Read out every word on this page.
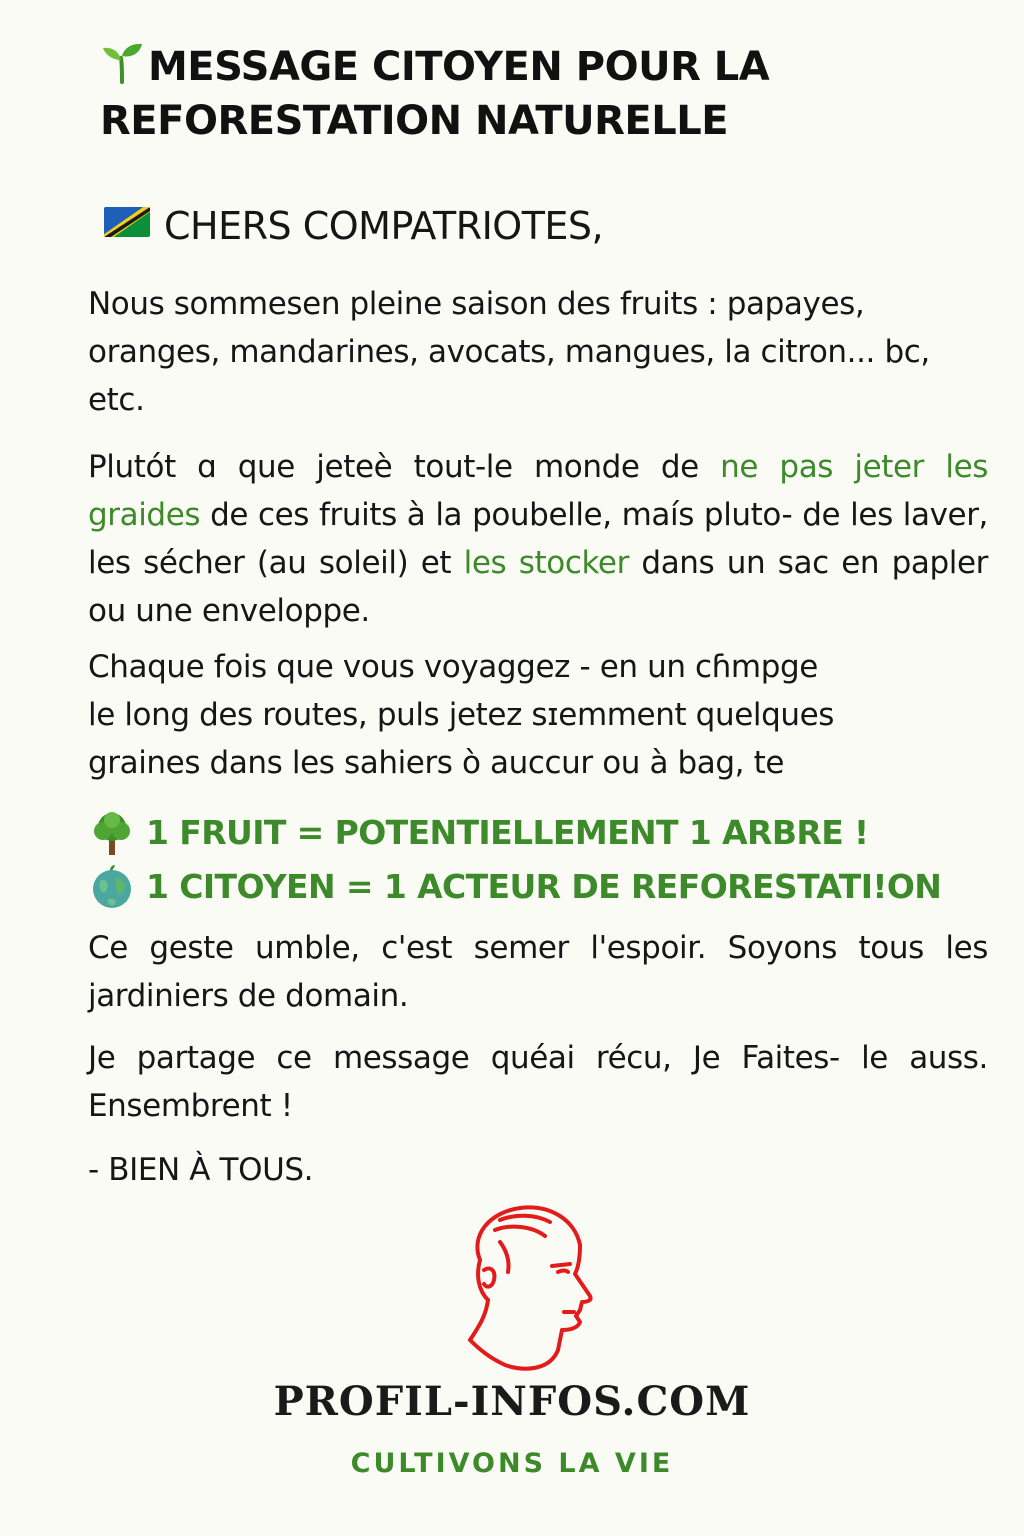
MESSAGE CITOYEN POUR LA
REFORESTATION NATURELLE
CHERS COMPATRIOTES,

Nous sommesen pleine saison des fruits : papayes, oranges, mandarines, avocats, mangues, la citron... bc, etc.

Plutót ɑ que jeteè tout-le monde de ne pas jeter les graides de ces fruits à la poubelle, maís pluto- de les laver, les sécher (au soleil) et les stocker dans un sac en papler ou une enveloppe.

Chaque fois que vous voyaggez - en un cɦmpge
le long des routes, puls jetez sɪemment quelques
graines dans les sahiers ò auccur ou à bag, te
1 FRUIT = POTENTIELLEMENT 1 ARBRE !
1 CITOYEN = 1 ACTEUR DE REFORESTATI!ON

Ce geste umble, c'est semer l'espoir. Soyons tous les jardiniers de domain.

Je partage ce message quéai récu, Je Faites- le auss. Ensembrent !

- BIEN À TOUS.
PROFIL-INFOS.COM
CULTIVONS LA VIE
